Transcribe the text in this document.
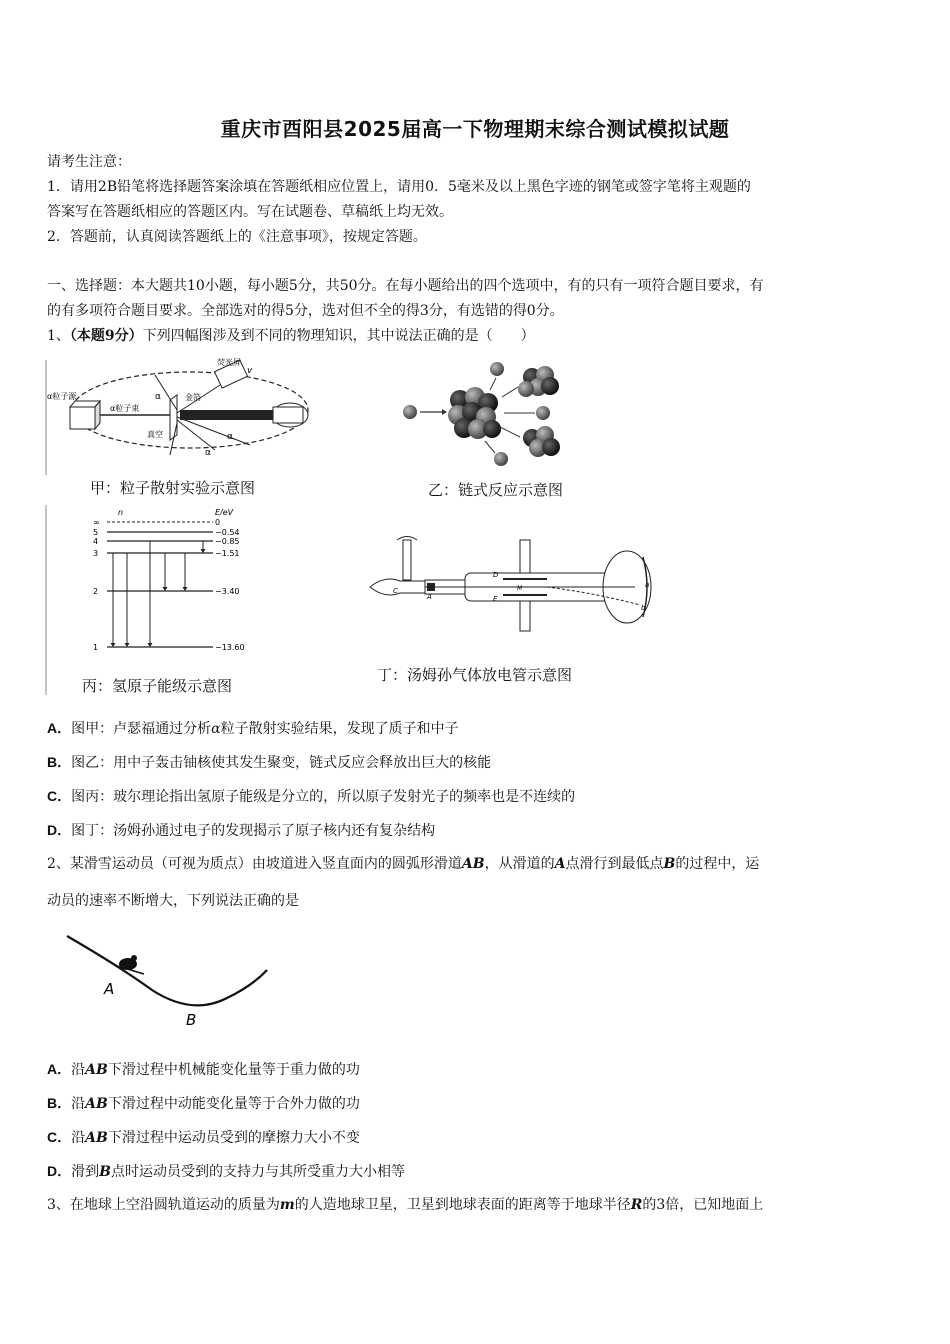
重庆市酉阳县2025届高一下物理期末综合测试模拟试题
请考生注意：
1．请用2B铅笔将选择题答案涂填在答题纸相应位置上，请用0．5毫米及以上黑色字迹的钢笔或签字笔将主观题的
答案写在答题纸相应的答题区内。写在试题卷、草稿纸上均无效。
2．答题前，认真阅读答题纸上的《注意事项》，按规定答题。
一、选择题：本大题共10小题，每小题5分，共50分。在每小题给出的四个选项中，有的只有一项符合题目要求，有
的有多项符合题目要求。全部选对的得5分，选对但不全的得3分，有选错的得0分。
1、（本题9分）下列四幅图涉及到不同的物理知识，其中说法正确的是（　　）
α粒子源
α粒子束
荧光屏
金箔
真空
α
α
α
v
甲：粒子散射实验示意图	乙：链式反应示意图
n	E/eV
∞	0
5	−0.54
4	−0.85
3	−1.51
2	−3.40
1	−13.60
丙：氢原子能级示意图
C
A
D
E
M
b
a
丁：汤姆孙气体放电管示意图
A．图甲：卢瑟福通过分析α粒子散射实验结果，发现了质子和中子
B．图乙：用中子轰击铀核使其发生聚变，链式反应会释放出巨大的核能
C．图丙：玻尔理论指出氢原子能级是分立的，所以原子发射光子的频率也是不连续的
D．图丁：汤姆孙通过电子的发现揭示了原子核内还有复杂结构
2、某滑雪运动员（可视为质点）由坡道进入竖直面内的圆弧形滑道AB，从滑道的A点滑行到最低点B的过程中，运
动员的速率不断增大，下列说法正确的是
A
B
A．沿AB下滑过程中机械能变化量等于重力做的功
B．沿AB下滑过程中动能变化量等于合外力做的功
C．沿AB下滑过程中运动员受到的摩擦力大小不变
D．滑到B点时运动员受到的支持力与其所受重力大小相等
3、在地球上空沿圆轨道运动的质量为m的人造地球卫星，卫星到地球表面的距离等于地球半径R的3倍，已知地面上
